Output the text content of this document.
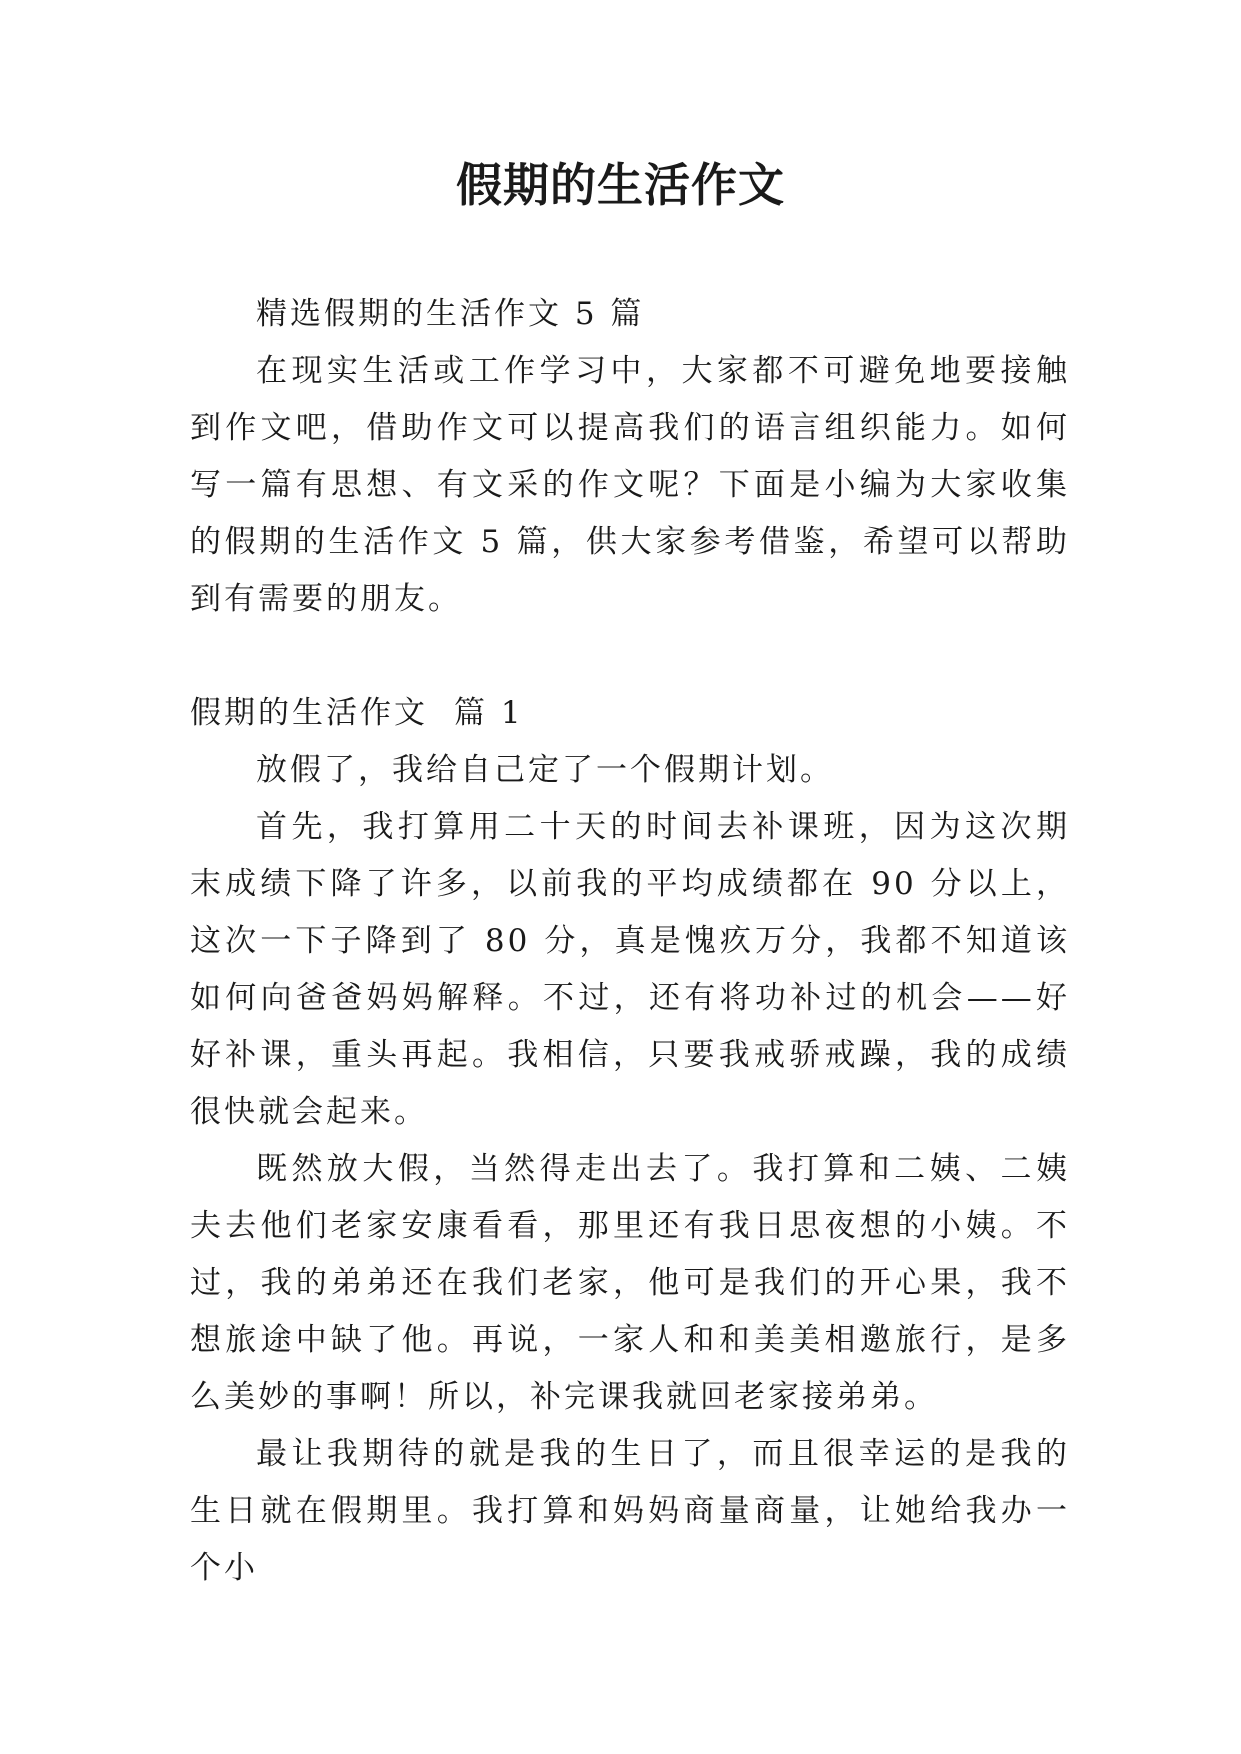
假期的生活作文

精选假期的生活作文 5 篇

在现实生活或工作学习中，大家都不可避免地要接触到作文吧，借助作文可以提高我们的语言组织能力。如何写一篇有思想、有文采的作文呢？下面是小编为大家收集的假期的生活作文 5 篇，供大家参考借鉴，希望可以帮助到有需要的朋友。

假期的生活作文 篇 1

放假了，我给自己定了一个假期计划。

首先，我打算用二十天的时间去补课班，因为这次期末成绩下降了许多，以前我的平均成绩都在 90 分以上，这次一下子降到了 80 分，真是愧疚万分，我都不知道该如何向爸爸妈妈解释。不过，还有将功补过的机会——好好补课，重头再起。我相信，只要我戒骄戒躁，我的成绩很快就会起来。

既然放大假，当然得走出去了。我打算和二姨、二姨夫去他们老家安康看看，那里还有我日思夜想的小姨。不过，我的弟弟还在我们老家，他可是我们的开心果，我不想旅途中缺了他。再说，一家人和和美美相邀旅行，是多么美妙的事啊！所以，补完课我就回老家接弟弟。

最让我期待的就是我的生日了，而且很幸运的是我的生日就在假期里。我打算和妈妈商量商量，让她给我办一个小
